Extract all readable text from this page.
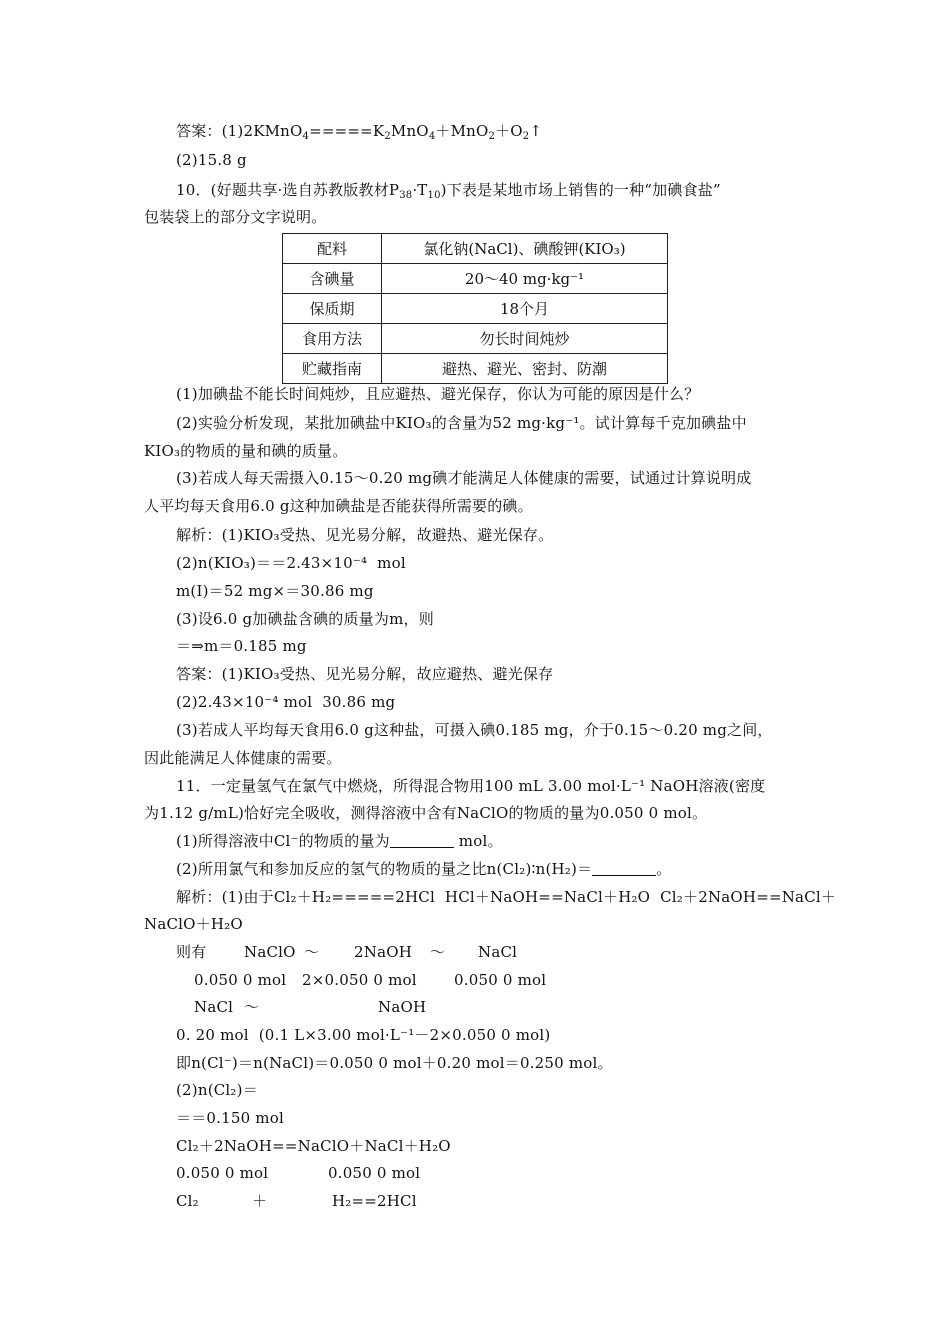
答案：$(1)2KMnO_4=====K_2MnO_4+MnO_2+O_2↑$
(2)15.8 g
10．(好题共享·选自苏教版教材$P_{38}\cdot T_{10}$)下表是某地市场上销售的一种“加碘食盐”
包装袋上的部分文字说明。
配料	氯化钠(NaCl)、碘酸钾(KIO₃)
含碘量	20～40 mg·kg⁻¹
保质期	18个月
食用方法	勿长时间炖炒
贮藏指南	避热、避光、密封、防潮
(1)加碘盐不能长时间炖炒，且应避热、避光保存，你认为可能的原因是什么？
(2)实验分析发现，某批加碘盐中KIO₃的含量为52 mg·kg⁻¹。试计算每千克加碘盐中
KIO₃的物质的量和碘的质量。
(3)若成人每天需摄入0.15～0.20 mg碘才能满足人体健康的需要，试通过计算说明成
人平均每天食用6.0 g这种加碘盐是否能获得所需要的碘。
解析：(1)KIO₃受热、见光易分解，故避热、避光保存。
(2)n(KIO₃)＝＝2.43×10⁻⁴  mol
m(I)＝52 mg×＝30.86 mg
(3)设6.0 g加碘盐含碘的质量为m，则
＝⇒m＝0.185 mg
答案：(1)KIO₃受热、见光易分解，故应避热、避光保存
(2)2.43×10⁻⁴ mol  30.86 mg
(3)若成人平均每天食用6.0 g这种盐，可摄入碘0.185 mg，介于0.15～0.20 mg之间，
因此能满足人体健康的需要。
11．一定量氢气在氯气中燃烧，所得混合物用100 mL 3.00 mol·L⁻¹ NaOH溶液(密度
为1.12 g/mL)恰好完全吸收，测得溶液中含有NaClO的物质的量为0.050 0 mol。
(1)所得溶液中Cl⁻的物质的量为	mol。
(2)所用氯气和参加反应的氢气的物质的量之比n(Cl₂)∶n(H₂)＝	。
解析：(1)由于Cl₂＋H₂=====2HCl  HCl＋NaOH==NaCl＋H₂O  Cl₂＋2NaOH==NaCl＋
NaClO＋H₂O
则有	NaClO ～ 2NaOH ～ NaCl
0.050 0 mol 2×0.050 0 mol 0.050 0 mol
NaCl ～	NaOH
0. 20 mol  (0.1 L×3.00 mol·L⁻¹－2×0.050 0 mol)
即n(Cl⁻)＝n(NaCl)＝0.050 0 mol＋0.20 mol＝0.250 mol。
(2)n(Cl₂)＝
＝＝0.150 mol
Cl₂＋2NaOH==NaClO＋NaCl＋H₂O
0.050 0 mol	0.050 0 mol
Cl₂	＋	H₂==2HCl
